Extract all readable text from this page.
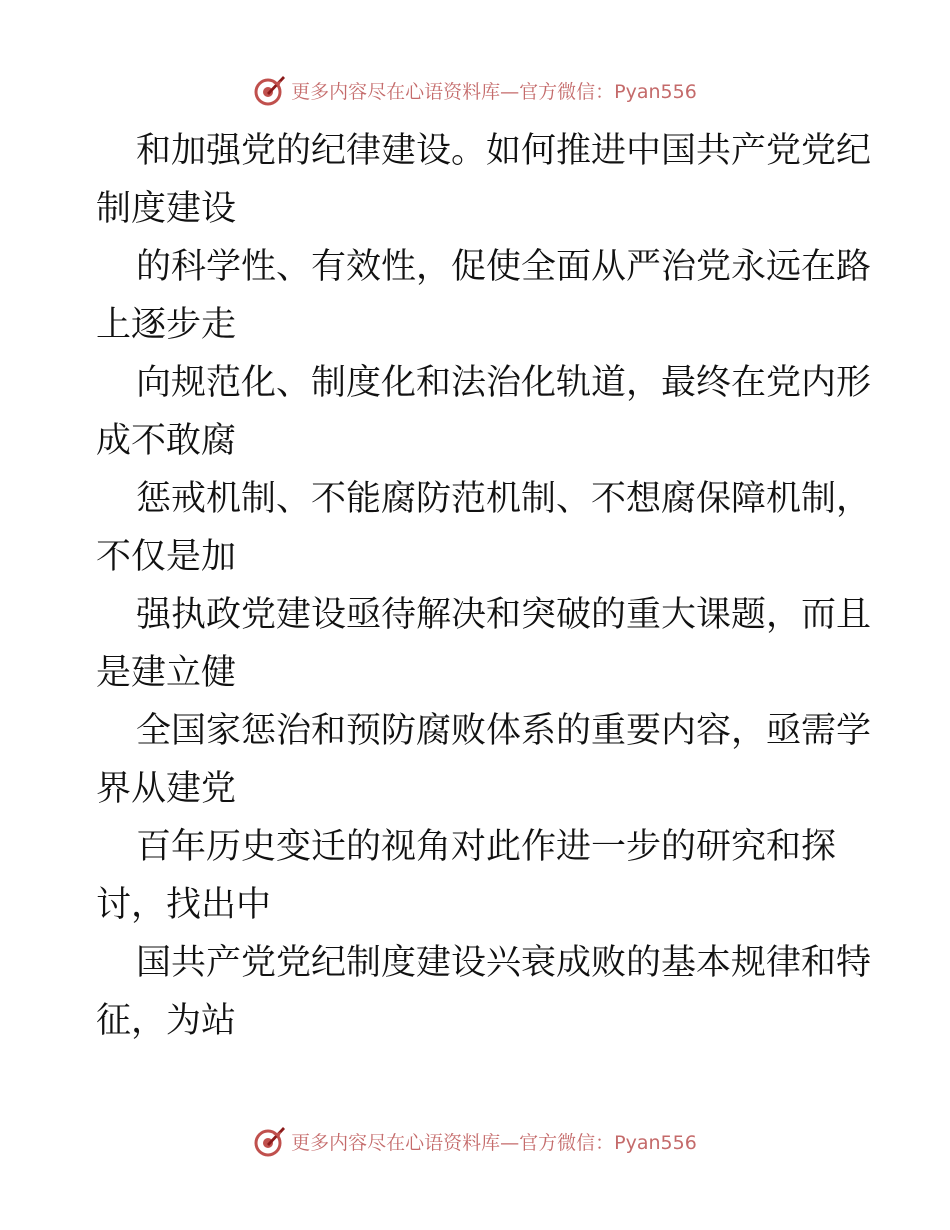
更多内容尽在心语资料库—官方微信：Pyan556

和加强党的纪律建设。如何推进中国共产党党纪
制度建设

的科学性、有效性，促使全面从严治党永远在路
上逐步走

向规范化、制度化和法治化轨道，最终在党内形
成不敢腐

惩戒机制、不能腐防范机制、不想腐保障机制，
不仅是加

强执政党建设亟待解决和突破的重大课题，而且
是建立健

全国家惩治和预防腐败体系的重要内容，亟需学
界从建党

百年历史变迁的视角对此作进一步的研究和探
讨，找出中

国共产党党纪制度建设兴衰成败的基本规律和特
征，为站

更多内容尽在心语资料库—官方微信：Pyan556
